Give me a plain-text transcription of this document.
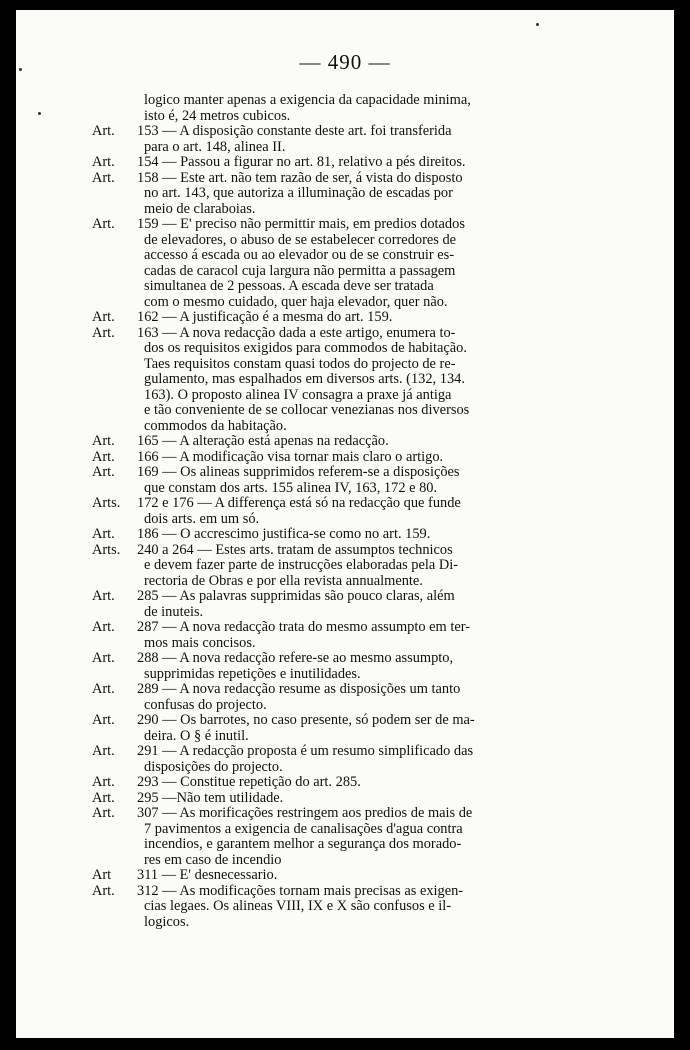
— 490 —
logico manter apenas a exigencia da capacidade minima,
isto é, 24 metros cubicos.

Art. 153 — A disposição constante deste art. foi transferida
para o art. 148, alinea II.

Art. 154 — Passou a figurar no art. 81, relativo a pés direitos.

Art. 158 — Este art. não tem razão de ser, á vista do disposto
no art. 143, que autoriza a illuminação de escadas por
meio de claraboias.

Art. 159 — E' preciso não permittir mais, em predios dotados
de elevadores, o abuso de se estabelecer corredores de
accesso á escada ou ao elevador ou de se construir es-
cadas de caracol cuja largura não permitta a passagem
simultanea de 2 pessoas. A escada deve ser tratada
com o mesmo cuidado, quer haja elevador, quer não.

Art. 162 — A justificação é a mesma do art. 159.

Art. 163 — A nova redacção dada a este artigo, enumera to-
dos os requisitos exigidos para commodos de habitação.
Taes requisitos constam quasi todos do projecto de re-
gulamento, mas espalhados em diversos arts. (132, 134.
163). O proposto alinea IV consagra a praxe já antiga
e tão conveniente de se collocar venezianas nos diversos
commodos da habitação.

Art. 165 — A alteração está apenas na redacção.

Art. 166 — A modificação visa tornar mais claro o artigo.

Art. 169 — Os alineas supprimidos referem-se a disposições
que constam dos arts. 155 alinea IV, 163, 172 e 80.

Arts. 172 e 176 — A differença está só na redacção que funde
dois arts. em um só.

Art. 186 — O accrescimo justifica-se como no art. 159.

Arts. 240 a 264 — Estes arts. tratam de assumptos technicos
e devem fazer parte de instrucções elaboradas pela Di-
rectoria de Obras e por ella revista annualmente.

Art. 285 — As palavras supprimidas são pouco claras, além
de inuteis.

Art. 287 — A nova redacção trata do mesmo assumpto em ter-
mos mais concisos.

Art. 288 — A nova redacção refere-se ao mesmo assumpto,
supprimidas repetições e inutilidades.

Art. 289 — A nova redacção resume as disposições um tanto
confusas do projecto.

Art. 290 — Os barrotes, no caso presente, só podem ser de ma-
deira. O § é inutil.

Art. 291 — A redacção proposta é um resumo simplificado das
disposições do projecto.

Art. 293 — Constitue repetição do art. 285.

Art. 295 —Não tem utilidade.

Art. 307 — As morificações restringem aos predios de mais de
7 pavimentos a exigencia de canalisações d'agua contra
incendios, e garantem melhor a segurança dos morado-
res em caso de incendio

Art 311 — E' desnecessario.

Art. 312 — As modificações tornam mais precisas as exigen-
cias legaes. Os alineas VIII, IX e X são confusos e il-
logicos.
